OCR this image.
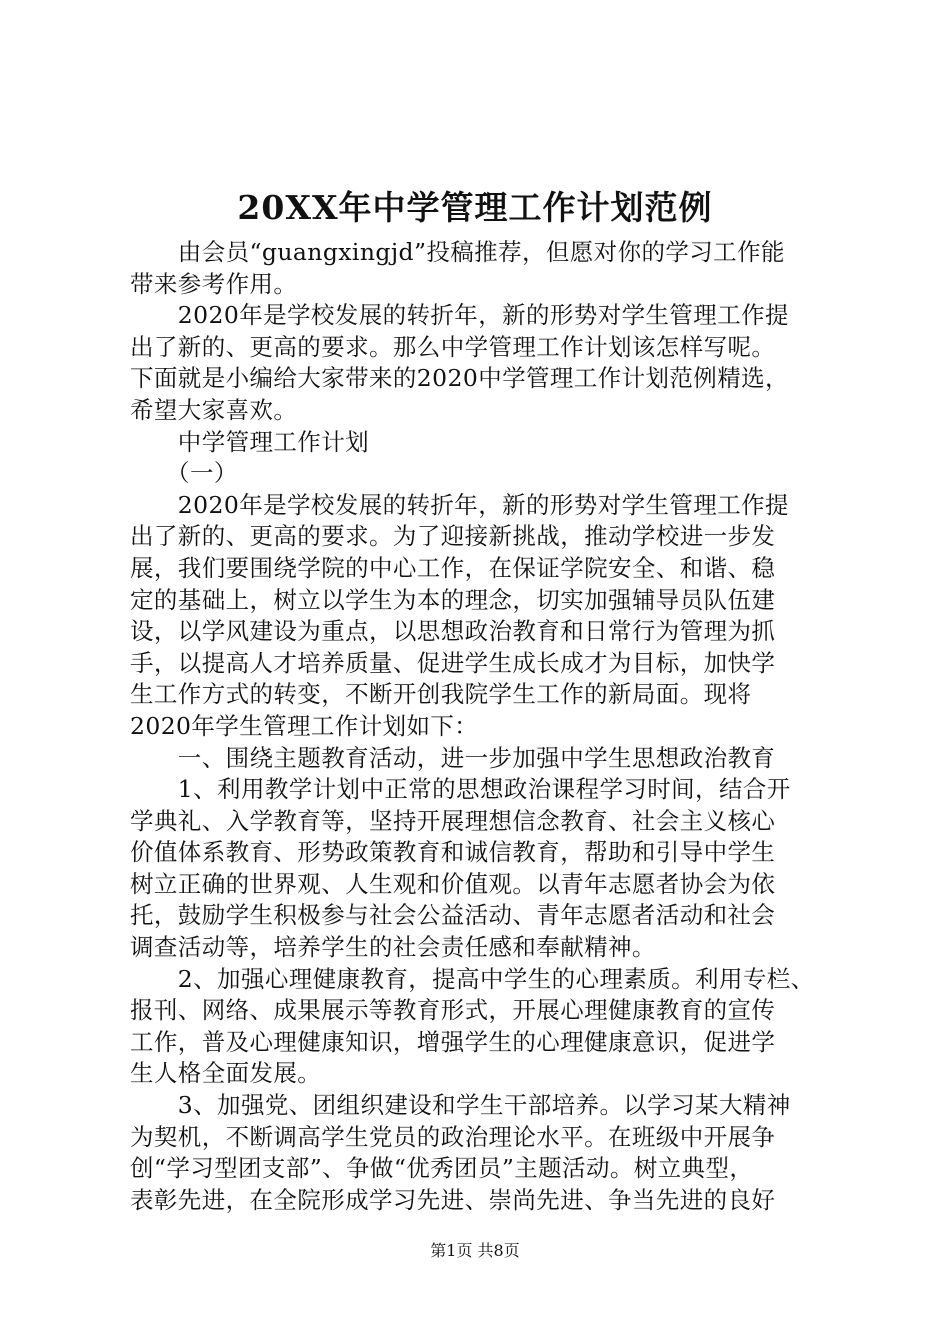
20XX年中学管理工作计划范例
　　由会员“guangxingjd”投稿推荐，但愿对你的学习工作能
带来参考作用。
　　2020年是学校发展的转折年，新的形势对学生管理工作提
出了新的、更高的要求。那么中学管理工作计划该怎样写呢。
下面就是小编给大家带来的2020中学管理工作计划范例精选，
希望大家喜欢。
　　中学管理工作计划
　　（一）
　　2020年是学校发展的转折年，新的形势对学生管理工作提
出了新的、更高的要求。为了迎接新挑战，推动学校进一步发
展，我们要围绕学院的中心工作，在保证学院安全、和谐、稳
定的基础上，树立以学生为本的理念，切实加强辅导员队伍建
设，以学风建设为重点，以思想政治教育和日常行为管理为抓
手，以提高人才培养质量、促进学生成长成才为目标，加快学
生工作方式的转变，不断开创我院学生工作的新局面。现将
2020年学生管理工作计划如下：
　　一、围绕主题教育活动，进一步加强中学生思想政治教育
　　1、利用教学计划中正常的思想政治课程学习时间，结合开
学典礼、入学教育等，坚持开展理想信念教育、社会主义核心
价值体系教育、形势政策教育和诚信教育，帮助和引导中学生
树立正确的世界观、人生观和价值观。以青年志愿者协会为依
托，鼓励学生积极参与社会公益活动、青年志愿者活动和社会
调查活动等，培养学生的社会责任感和奉献精神。
　　2、加强心理健康教育，提高中学生的心理素质。利用专栏、
报刊、网络、成果展示等教育形式，开展心理健康教育的宣传
工作，普及心理健康知识，增强学生的心理健康意识，促进学
生人格全面发展。
　　3、加强党、团组织建设和学生干部培养。以学习某大精神
为契机，不断调高学生党员的政治理论水平。在班级中开展争
创“学习型团支部”、争做“优秀团员”主题活动。树立典型，
表彰先进，在全院形成学习先进、崇尚先进、争当先进的良好
第1页 共8页
